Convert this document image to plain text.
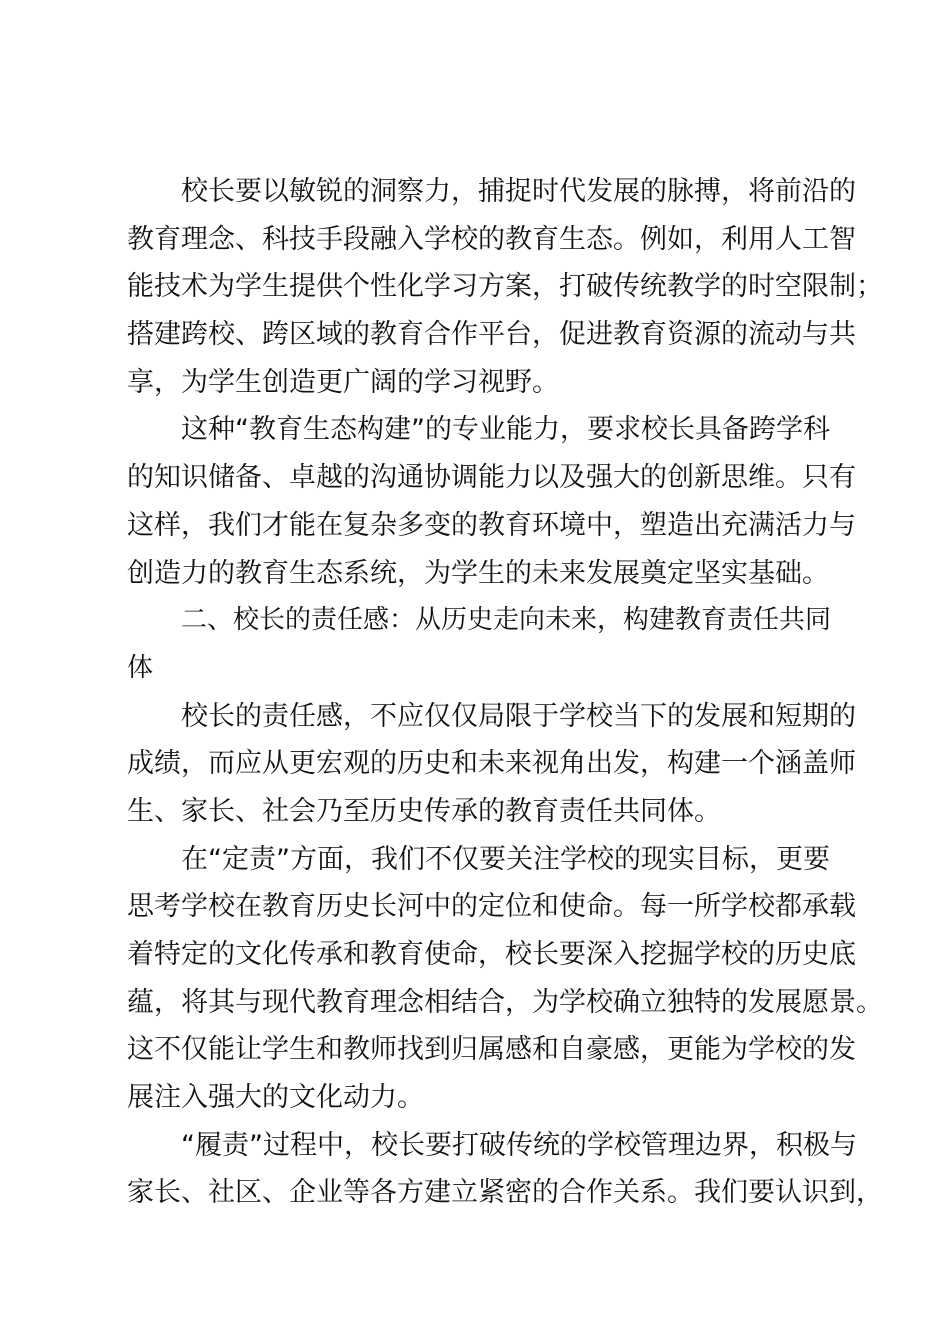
校长要以敏锐的洞察力，捕捉时代发展的脉搏，将前沿的
教育理念、科技手段融入学校的教育生态。例如，利用人工智
能技术为学生提供个性化学习方案，打破传统教学的时空限制；
搭建跨校、跨区域的教育合作平台，促进教育资源的流动与共
享，为学生创造更广阔的学习视野。
这种“教育生态构建”的专业能力，要求校长具备跨学科
的知识储备、卓越的沟通协调能力以及强大的创新思维。只有
这样，我们才能在复杂多变的教育环境中，塑造出充满活力与
创造力的教育生态系统，为学生的未来发展奠定坚实基础。
二、校长的责任感：从历史走向未来，构建教育责任共同
体
校长的责任感，不应仅仅局限于学校当下的发展和短期的
成绩，而应从更宏观的历史和未来视角出发，构建一个涵盖师
生、家长、社会乃至历史传承的教育责任共同体。
在“定责”方面，我们不仅要关注学校的现实目标，更要
思考学校在教育历史长河中的定位和使命。每一所学校都承载
着特定的文化传承和教育使命，校长要深入挖掘学校的历史底
蕴，将其与现代教育理念相结合，为学校确立独特的发展愿景。
这不仅能让学生和教师找到归属感和自豪感，更能为学校的发
展注入强大的文化动力。
“履责”过程中，校长要打破传统的学校管理边界，积极与
家长、社区、企业等各方建立紧密的合作关系。我们要认识到，
